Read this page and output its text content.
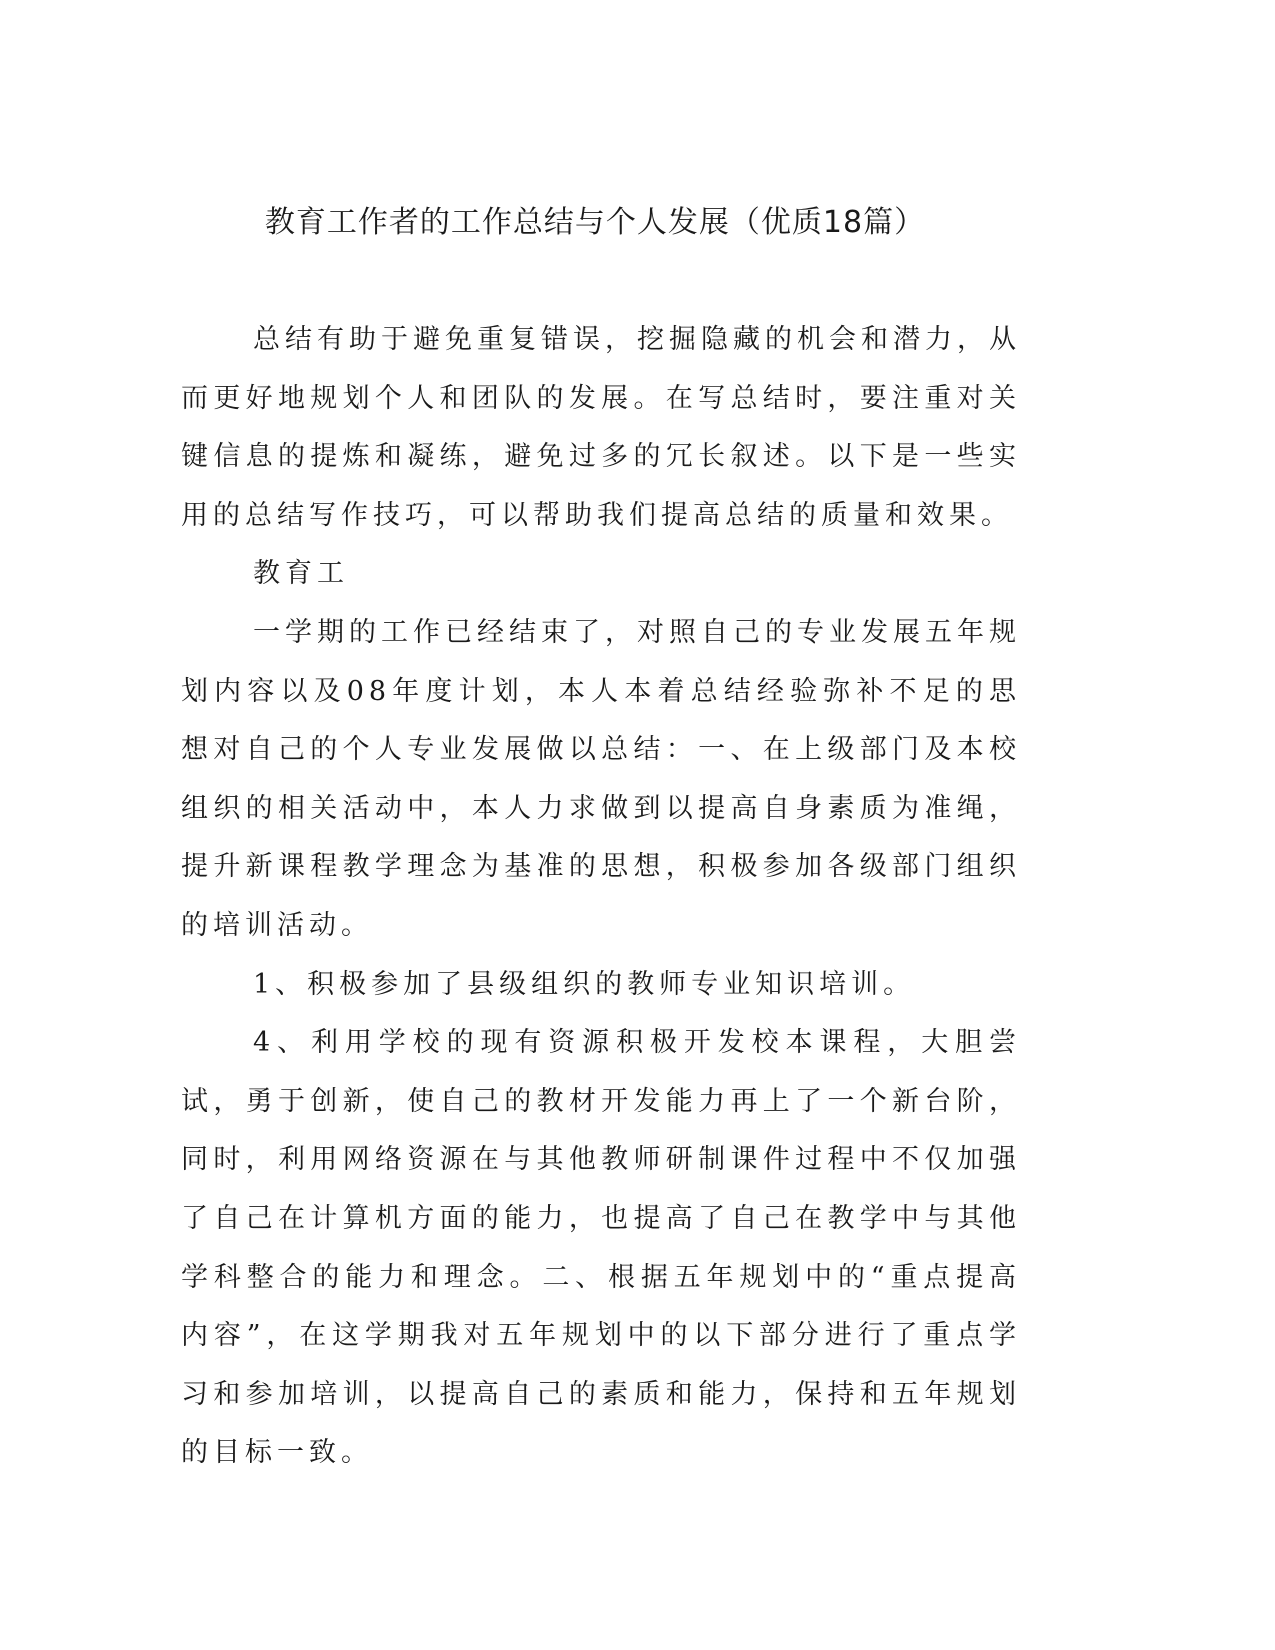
教育工作者的工作总结与个人发展（优质18篇）

总结有助于避免重复错误，挖掘隐藏的机会和潜力，从而更好地规划个人和团队的发展。在写总结时，要注重对关键信息的提炼和凝练，避免过多的冗长叙述。以下是一些实用的总结写作技巧，可以帮助我们提高总结的质量和效果。

教育工

一学期的工作已经结束了，对照自己的专业发展五年规划内容以及08年度计划，本人本着总结经验弥补不足的思想对自己的个人专业发展做以总结：一、在上级部门及本校组织的相关活动中，本人力求做到以提高自身素质为准绳，提升新课程教学理念为基准的思想，积极参加各级部门组织的培训活动。

1、积极参加了县级组织的教师专业知识培训。

4、利用学校的现有资源积极开发校本课程，大胆尝试，勇于创新，使自己的教材开发能力再上了一个新台阶，同时，利用网络资源在与其他教师研制课件过程中不仅加强了自己在计算机方面的能力，也提高了自己在教学中与其他学科整合的能力和理念。二、根据五年规划中的“重点提高内容”，在这学期我对五年规划中的以下部分进行了重点学习和参加培训，以提高自己的素质和能力，保持和五年规划的目标一致。
